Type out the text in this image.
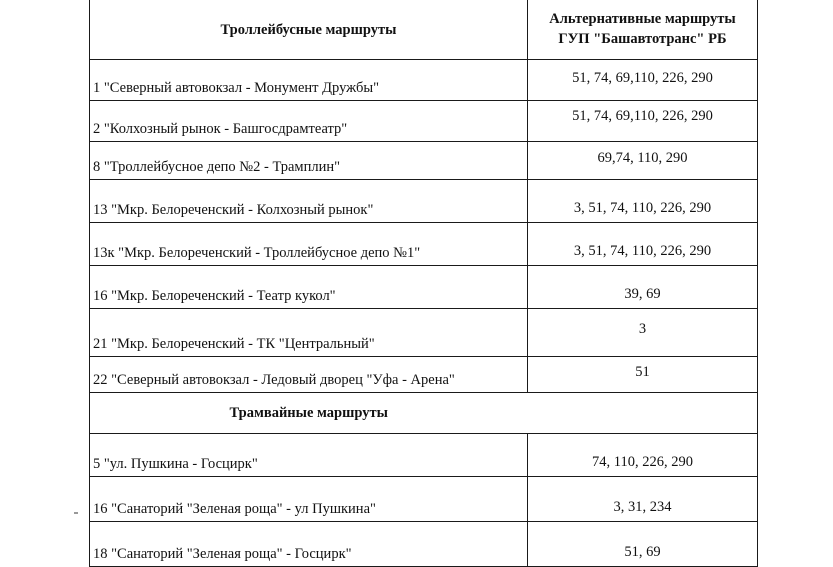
Троллейбусные маршруты	Альтернативные маршруты
ГУП "Башавтотранс" РБ

1 "Северный автовокзал - Монумент Дружбы"	51, 74, 69,110, 226, 290
2 "Колхозный рынок - Башгосдрамтеатр"	51, 74, 69,110, 226, 290
8 "Троллейбусное депо №2 - Трамплин"	69,74, 110, 290
13 "Мкр. Белореченский - Колхозный рынок"	3, 51, 74, 110, 226, 290
13к "Мкр. Белореченский - Троллейбусное депо №1"	3, 51, 74, 110, 226, 290
16 "Мкр. Белореченский - Театр кукол"	39, 69
21 "Мкр. Белореченский - ТК "Центральный"	3
22 "Северный автовокзал - Ледовый дворец "Уфа - Арена"	51
Трамвайные маршруты	
5 "ул. Пушкина - Госцирк"	74, 110, 226, 290
16 "Санаторий "Зеленая роща" - ул Пушкина"	3, 31, 234
18 "Санаторий "Зеленая роща" - Госцирк"	51, 69
